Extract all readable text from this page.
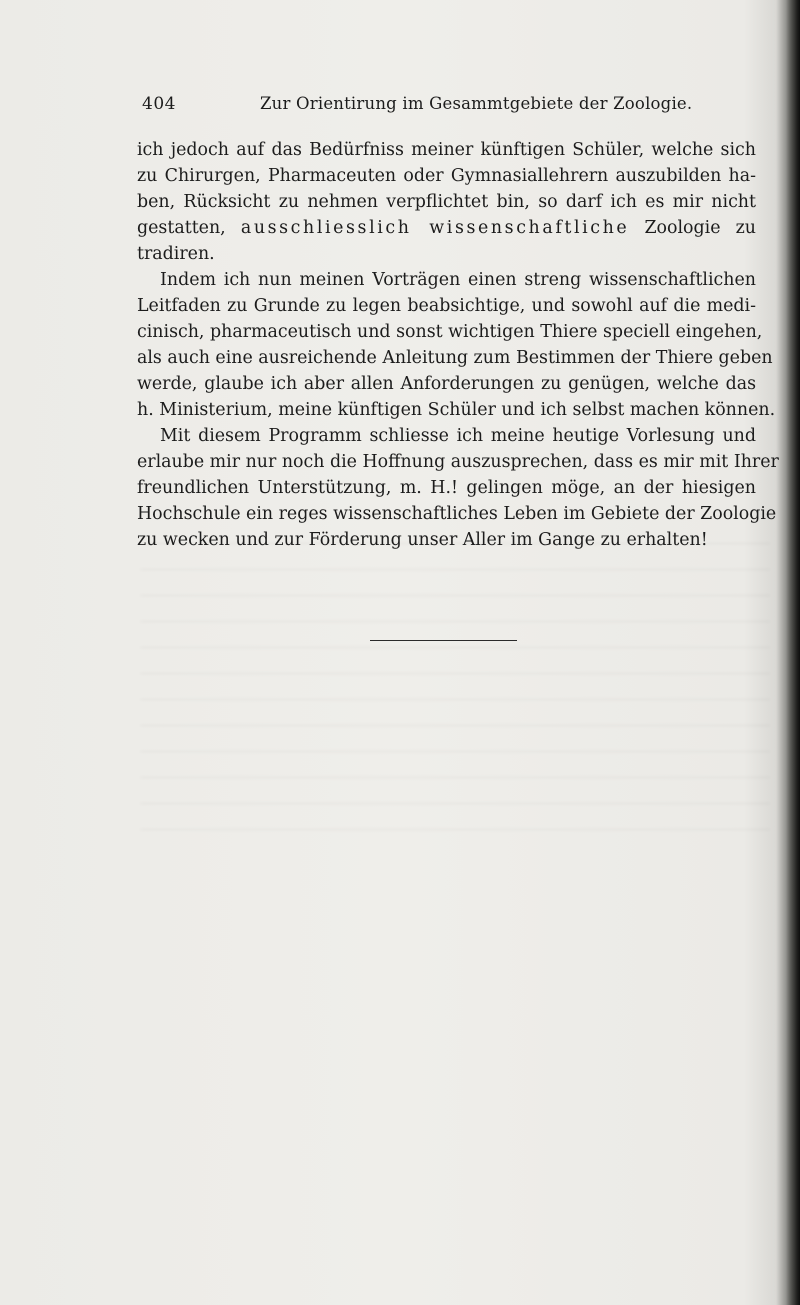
404	Zur Orientirung im Gesammtgebiete der Zoologie.
ich jedoch auf das Bedürfniss meiner künftigen Schüler, welche sich
zu Chirurgen, Pharmaceuten oder Gymnasiallehrern auszubilden ha-
ben, Rücksicht zu nehmen verpflichtet bin, so darf ich es mir nicht
gestatten, ausschliesslich wissenschaftliche Zoologie zu
tradiren.
Indem ich nun meinen Vorträgen einen streng wissenschaftlichen
Leitfaden zu Grunde zu legen beabsichtige, und sowohl auf die medi-
cinisch, pharmaceutisch und sonst wichtigen Thiere speciell eingehen,
als auch eine ausreichende Anleitung zum Bestimmen der Thiere geben
werde, glaube ich aber allen Anforderungen zu genügen, welche das
h. Ministerium, meine künftigen Schüler und ich selbst machen können.
Mit diesem Programm schliesse ich meine heutige Vorlesung und
erlaube mir nur noch die Hoffnung auszusprechen, dass es mir mit Ihrer
freundlichen Unterstützung, m. H.! gelingen möge, an der hiesigen
Hochschule ein reges wissenschaftliches Leben im Gebiete der Zoologie
zu wecken und zur Förderung unser Aller im Gange zu erhalten!
